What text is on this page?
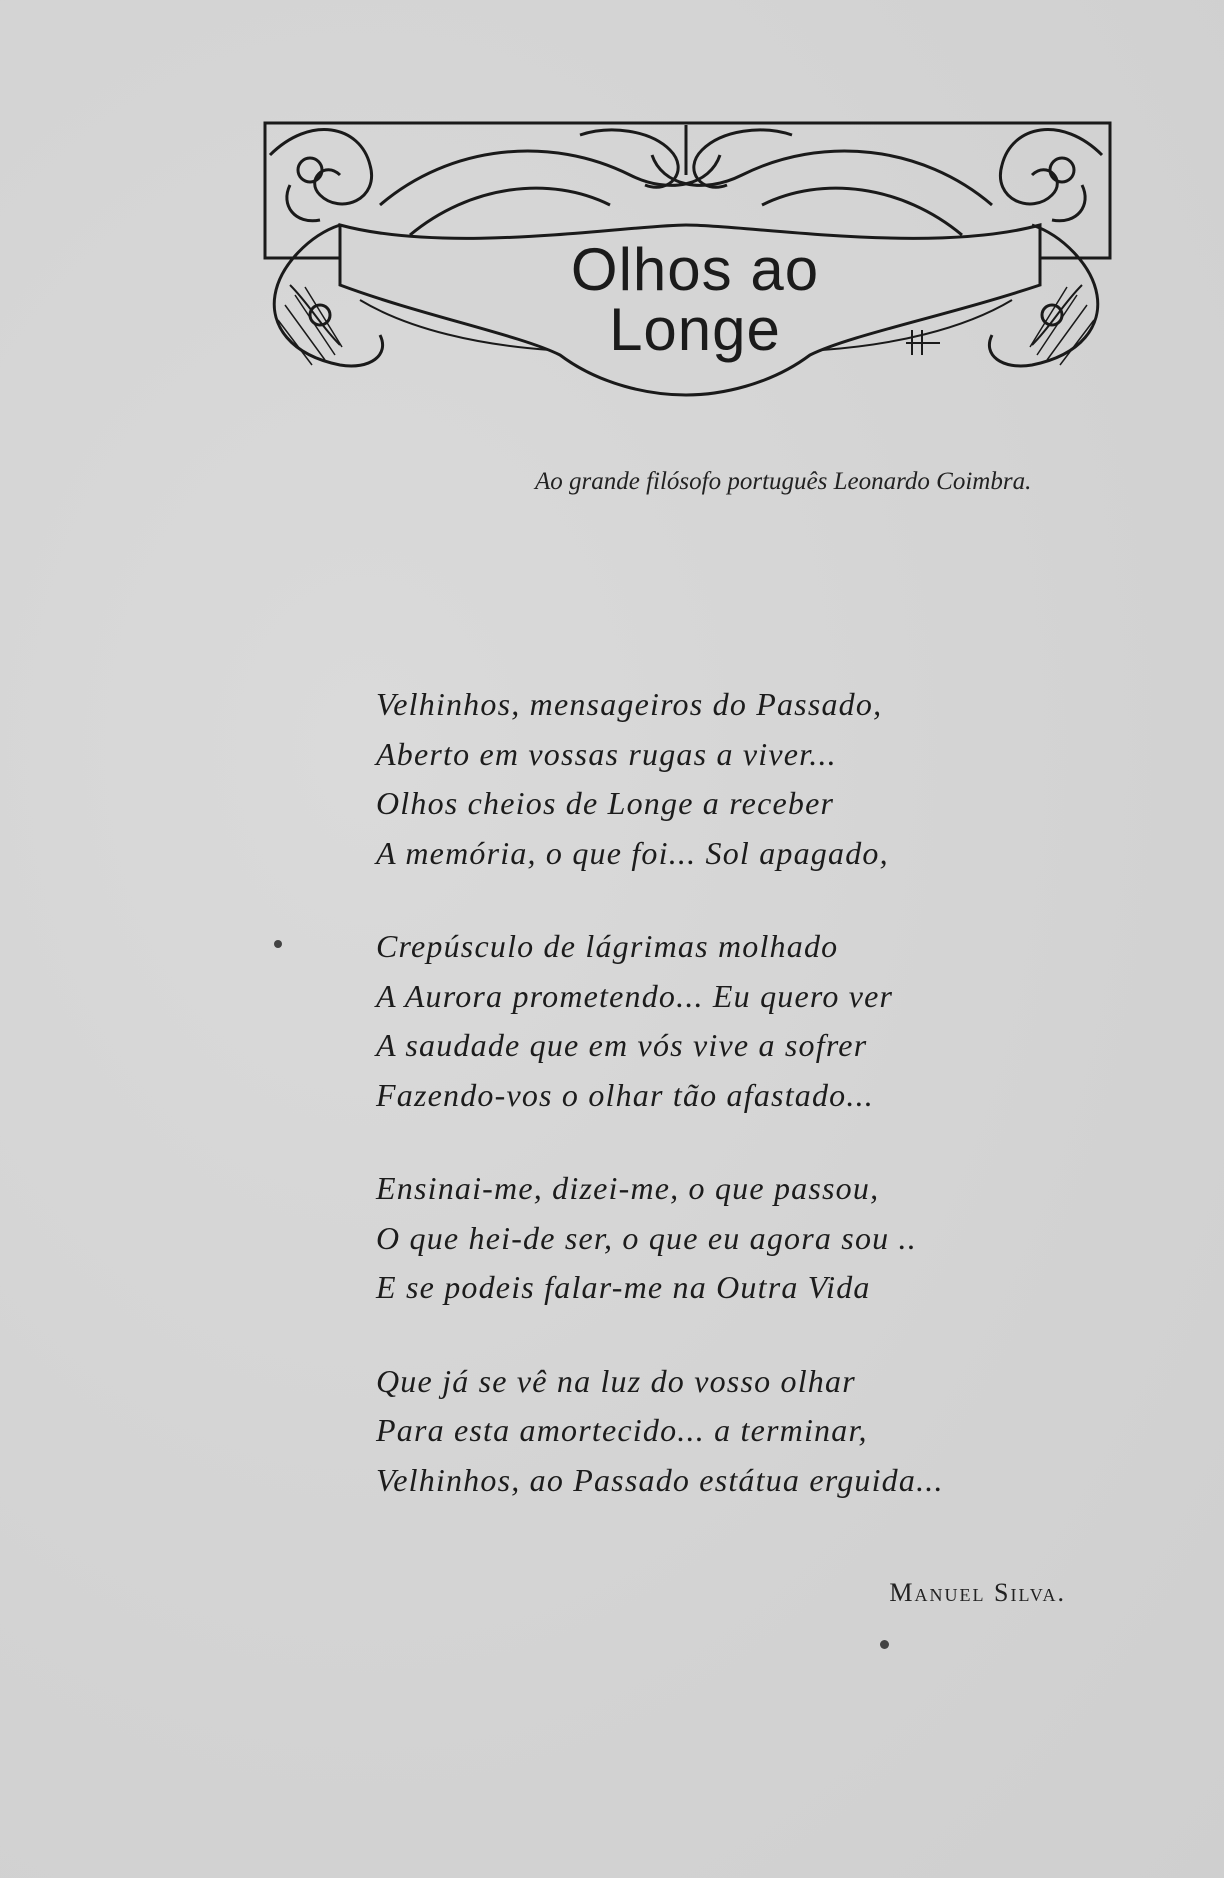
Olhos ao Longe
Ao grande filósofo português Leonardo Coimbra.
Velhinhos, mensageiros do Passado,
Aberto em vossas rugas a viver...
Olhos cheios de Longe a receber
A memória, o que foi... Sol apagado,
Crepúsculo de lágrimas molhado
A Aurora prometendo... Eu quero ver
A saudade que em vós vive a sofrer
Fazendo-vos o olhar tão afastado...
Ensinai-me, dizei-me, o que passou,
O que hei-de ser, o que eu agora sou ..
E se podeis falar-me na Outra Vida
Que já se vê na luz do vosso olhar
Para esta amortecido... a terminar,
Velhinhos, ao Passado estátua erguida...
Manuel Silva.
